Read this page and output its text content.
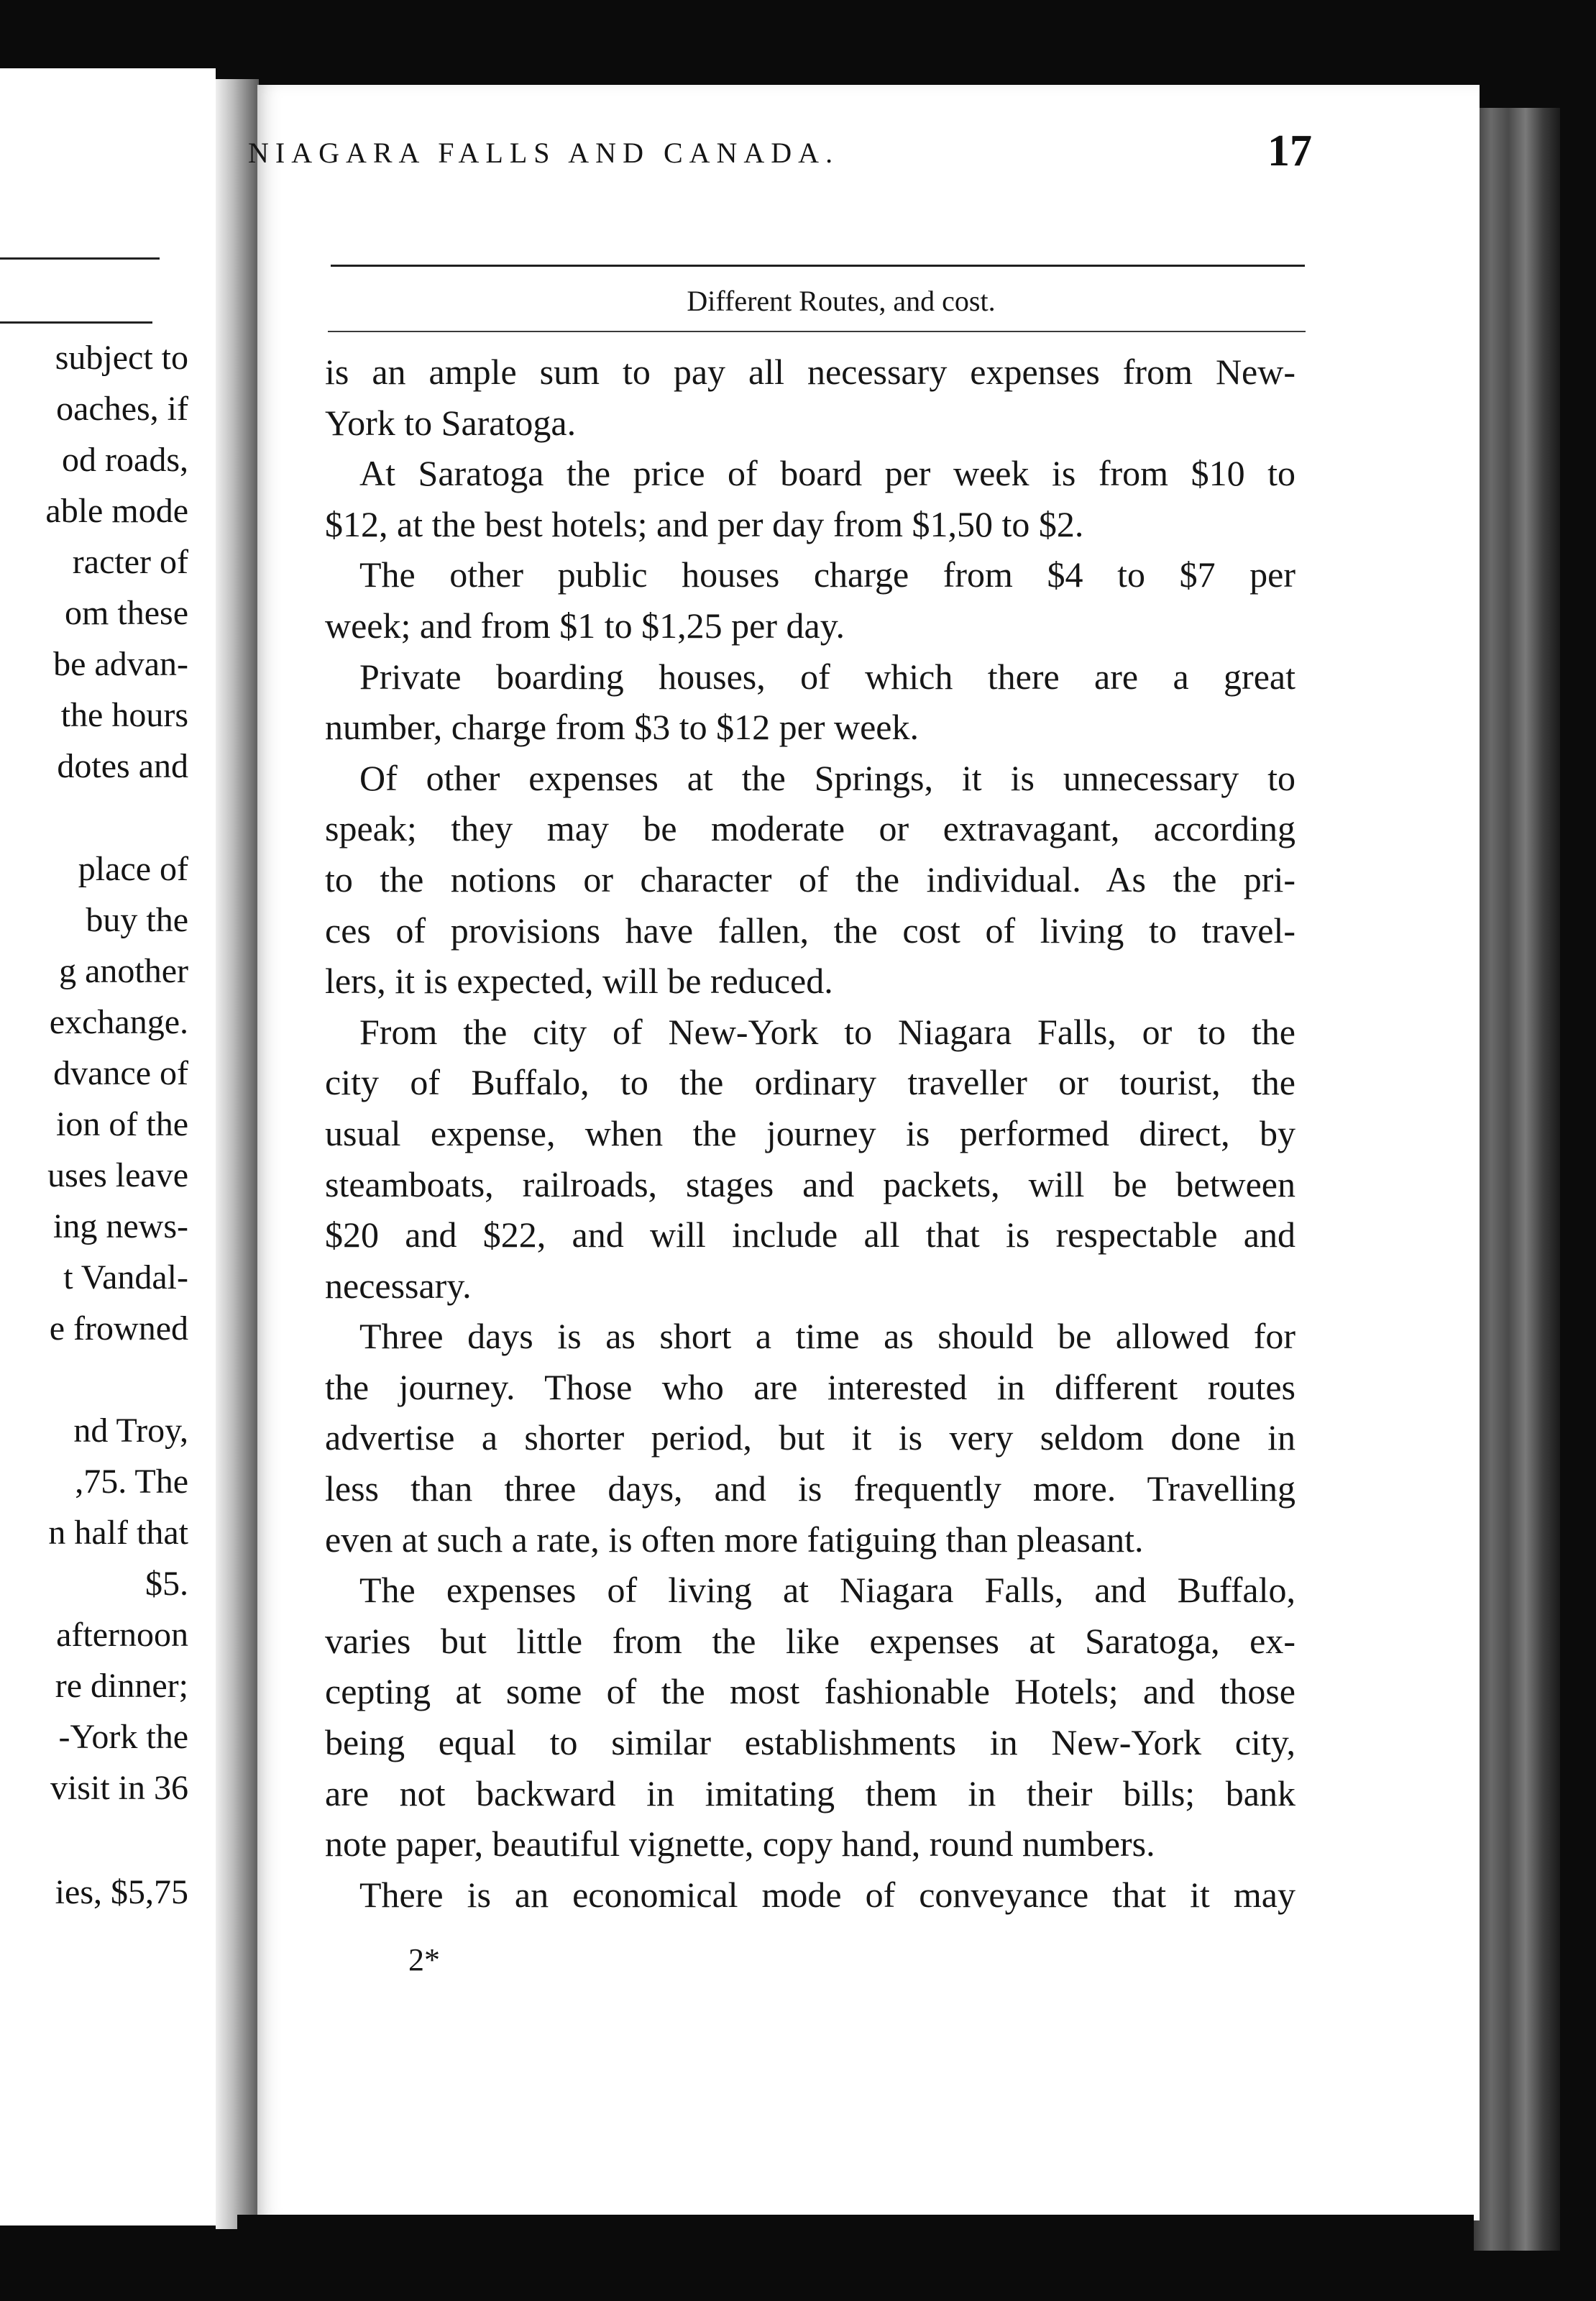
subject to
oaches, if
od roads,
able mode
racter of
om these
be advan-
the hours
dotes and
place of
buy the
g another
exchange.
dvance of
ion of the
uses leave
ing news-
t Vandal-
e frowned
nd Troy,
,75. The
n half that
$5.
afternoon
re dinner;
-York the
visit in 36
ies, $5,75
NIAGARA FALLS AND CANADA.	17
Different Routes, and cost.
is an ample sum to pay all necessary expenses from New-
York to Saratoga.
At Saratoga the price of board per week is from $10 to
$12, at the best hotels; and per day from $1,50 to $2.
The other public houses charge from $4 to $7 per
week; and from $1 to $1,25 per day.
Private boarding houses, of which there are a great
number, charge from $3 to $12 per week.
Of other expenses at the Springs, it is unnecessary to
speak; they may be moderate or extravagant, according
to the notions or character of the individual. As the pri-
ces of provisions have fallen, the cost of living to travel-
lers, it is expected, will be reduced.
From the city of New-York to Niagara Falls, or to the
city of Buffalo, to the ordinary traveller or tourist, the
usual expense, when the journey is performed direct, by
steamboats, railroads, stages and packets, will be between
$20 and $22, and will include all that is respectable and
necessary.
Three days is as short a time as should be allowed for
the journey. Those who are interested in different routes
advertise a shorter period, but it is very seldom done in
less than three days, and is frequently more. Travelling
even at such a rate, is often more fatiguing than pleasant.
The expenses of living at Niagara Falls, and Buffalo,
varies but little from the like expenses at Saratoga, ex-
cepting at some of the most fashionable Hotels; and those
being equal to similar establishments in New-York city,
are not backward in imitating them in their bills; bank
note paper, beautiful vignette, copy hand, round numbers.
There is an economical mode of conveyance that it may
2*
